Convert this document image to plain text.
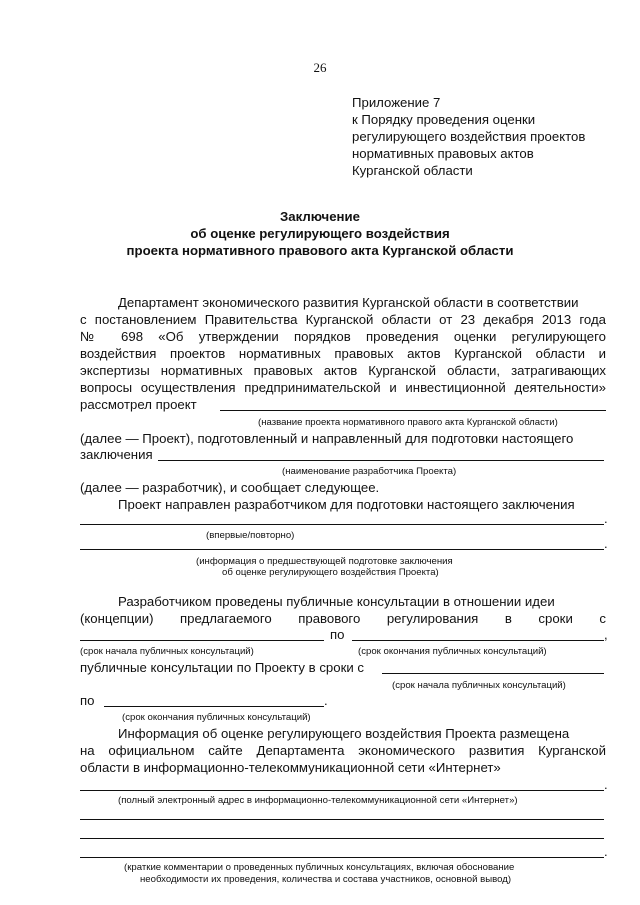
26
Приложение 7
к Порядку проведения оценки
регулирующего воздействия проектов
нормативных правовых актов
Курганской области
Заключение
об оценке регулирующего воздействия
проекта нормативного правового акта Курганской области
Департамент экономического развития Курганской области в соответствии
с постановлением Правительства Курганской области от 23 декабря 2013 года
№ 698 «Об утверждении порядков проведения оценки регулирующего
воздействия проектов нормативных правовых актов Курганской области и
экспертизы нормативных правовых актов Курганской области, затрагивающих
вопросы осуществления предпринимательской и инвестиционной деятельности»
рассмотрел проект
(название проекта нормативного правого акта Курганской области)
(далее — Проект), подготовленный и направленный для подготовки настоящего
заключения
(наименование разработчика Проекта)
(далее — разработчик), и сообщает следующее.
Проект направлен разработчиком для подготовки настоящего заключения
.
(впервые/повторно)
.
(информация о предшествующей подготовке заключения
об оценке регулирующего воздействия Проекта)
Разработчиком проведены публичные консультации в отношении идеи
(концепции) предлагаемого правового регулирования в сроки с
по	,
(срок начала публичных консультаций)	(срок окончания публичных консультаций)
публичные консультации по Проекту в сроки с
(срок начала публичных консультаций)
по	.
(срок окончания публичных консультаций)
Информация об оценке регулирующего воздействия Проекта размещена
на официальном сайте Департамента экономического развития Курганской
области в информационно-телекоммуникационной сети «Интернет»
.
(полный электронный адрес в информационно-телекоммуникационной сети «Интернет»)
.
(краткие комментарии о проведенных публичных консультациях, включая обоснование
необходимости их проведения, количества и состава участников, основной вывод)
